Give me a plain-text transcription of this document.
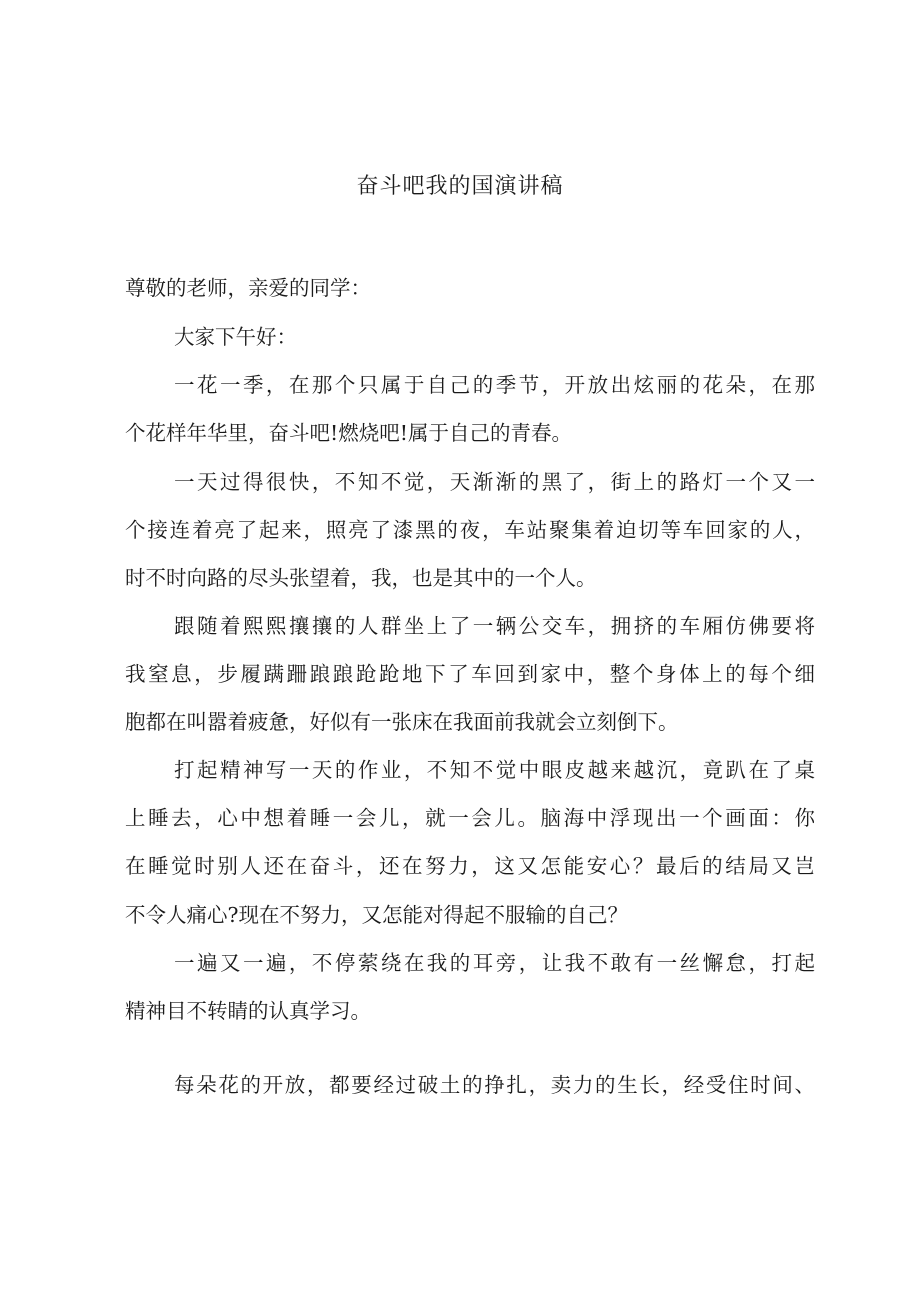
奋斗吧我的国演讲稿
尊敬的老师，亲爱的同学：
大家下午好：
一花一季，在那个只属于自己的季节，开放出炫丽的花朵，在那
个花样年华里，奋斗吧!燃烧吧!属于自己的青春。
一天过得很快，不知不觉，天渐渐的黑了，街上的路灯一个又一
个接连着亮了起来，照亮了漆黑的夜，车站聚集着迫切等车回家的人，
时不时向路的尽头张望着，我，也是其中的一个人。
跟随着熙熙攘攘的人群坐上了一辆公交车，拥挤的车厢仿佛要将
我窒息，步履蹒跚踉踉跄跄地下了车回到家中，整个身体上的每个细
胞都在叫嚣着疲惫，好似有一张床在我面前我就会立刻倒下。
打起精神写一天的作业，不知不觉中眼皮越来越沉，竟趴在了桌
上睡去，心中想着睡一会儿，就一会儿。脑海中浮现出一个画面：你
在睡觉时别人还在奋斗，还在努力，这又怎能安心？最后的结局又岂
不令人痛心?现在不努力，又怎能对得起不服输的自己？
一遍又一遍，不停萦绕在我的耳旁，让我不敢有一丝懈怠，打起
精神目不转睛的认真学习。
每朵花的开放，都要经过破土的挣扎，卖力的生长，经受住时间、
